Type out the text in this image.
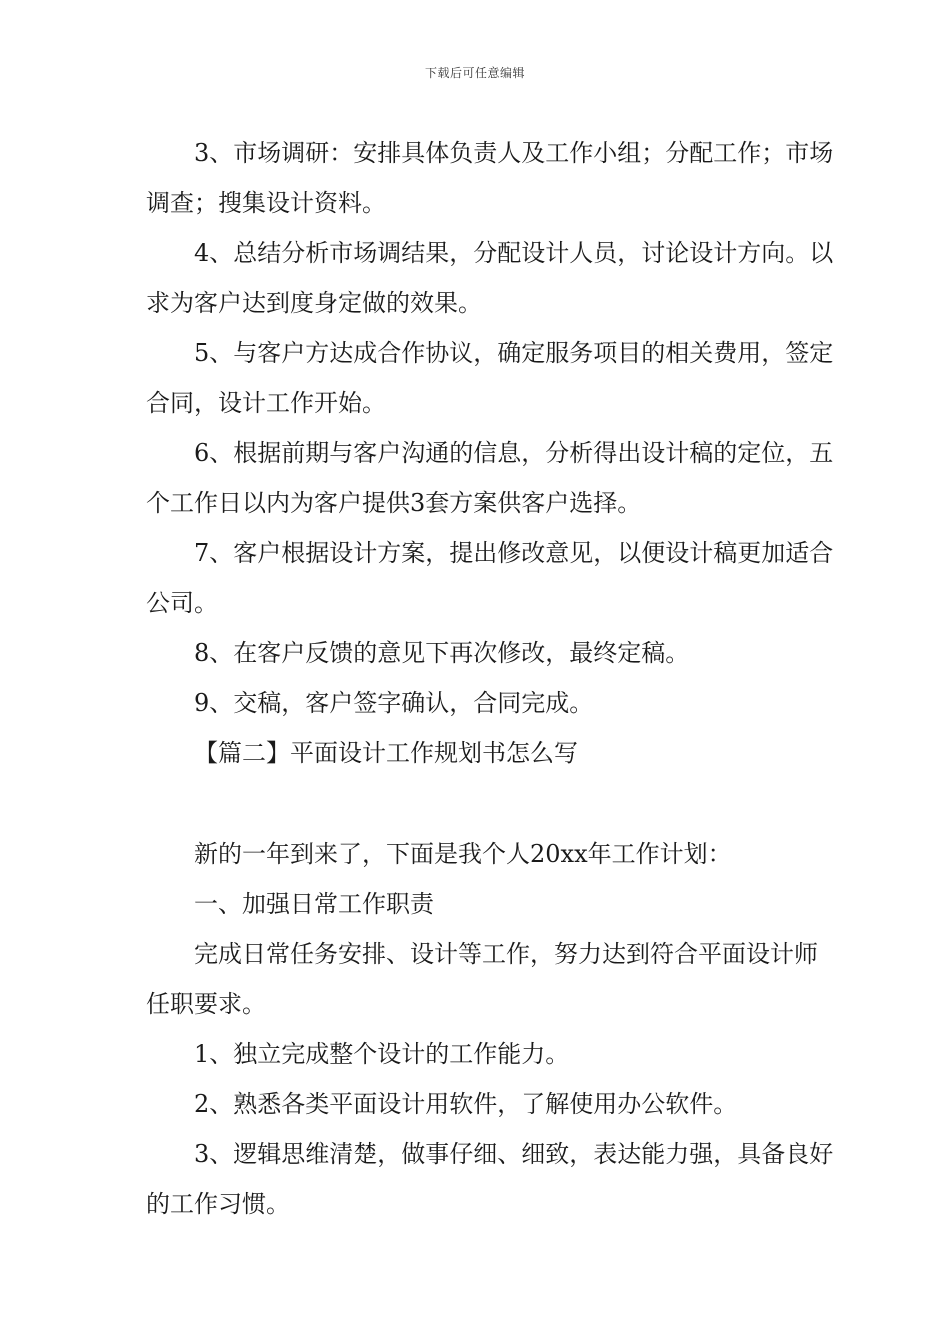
下载后可任意编辑

3、市场调研：安排具体负责人及工作小组；分配工作；市场调查；搜集设计资料。

4、总结分析市场调结果，分配设计人员，讨论设计方向。以求为客户达到度身定做的效果。

5、与客户方达成合作协议，确定服务项目的相关费用，签定合同，设计工作开始。

6、根据前期与客户沟通的信息，分析得出设计稿的定位，五个工作日以内为客户提供3套方案供客户选择。

7、客户根据设计方案，提出修改意见，以便设计稿更加适合公司。

8、在客户反馈的意见下再次修改，最终定稿。

9、交稿，客户签字确认，合同完成。

【篇二】平面设计工作规划书怎么写

新的一年到来了，下面是我个人20xx年工作计划：

一、加强日常工作职责

完成日常任务安排、设计等工作，努力达到符合平面设计师任职要求。

1、独立完成整个设计的工作能力。

2、熟悉各类平面设计用软件，了解使用办公软件。

3、逻辑思维清楚，做事仔细、细致，表达能力强，具备良好的工作习惯。
